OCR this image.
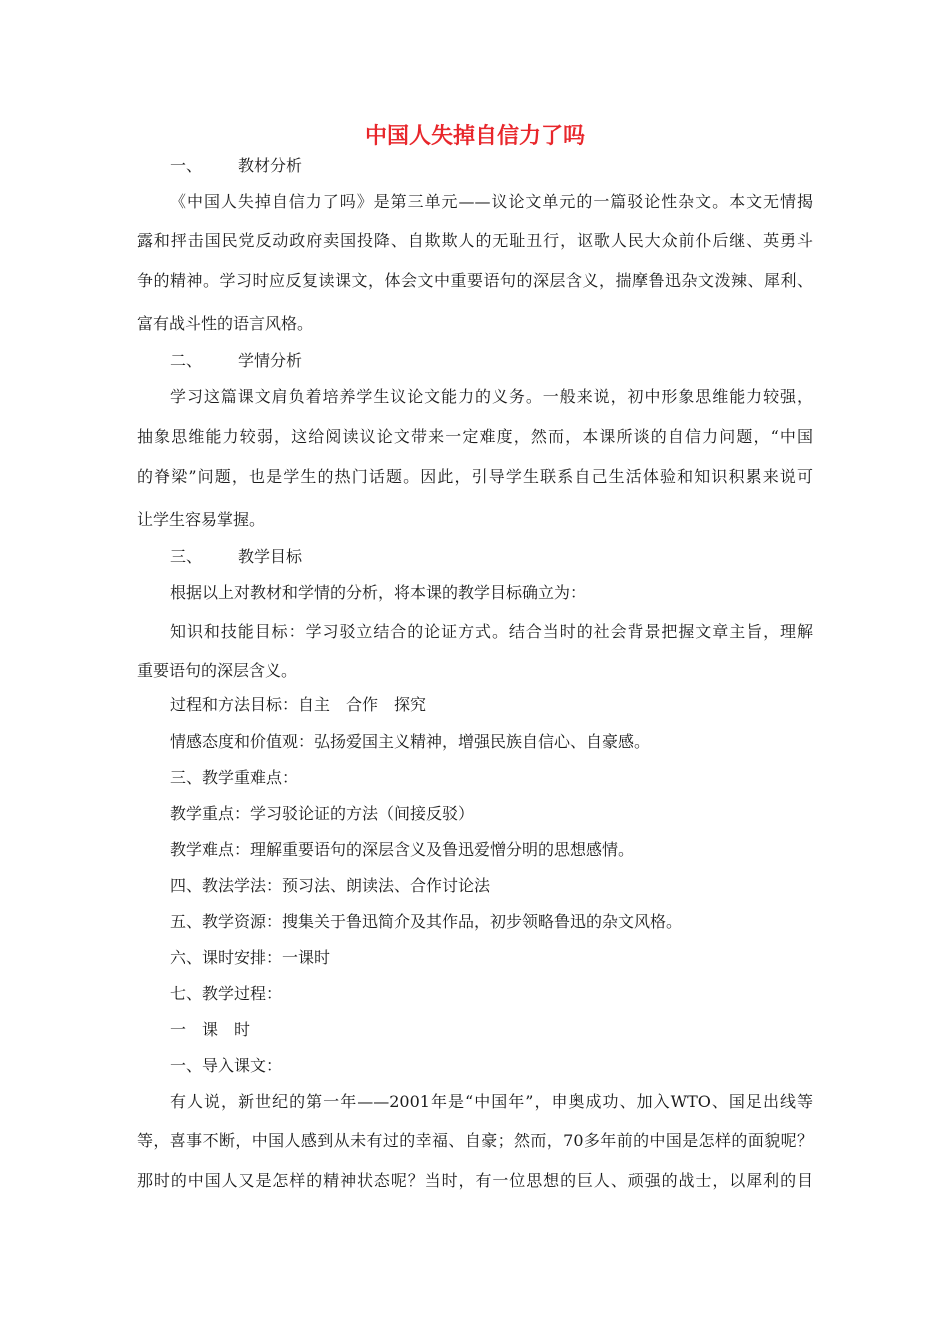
中国人失掉自信力了吗
一、 教材分析
《中国人失掉自信力了吗》是第三单元——议论文单元的一篇驳论性杂文。本文无情揭
露和抨击国民党反动政府卖国投降、自欺欺人的无耻丑行，讴歌人民大众前仆后继、英勇斗
争的精神。学习时应反复读课文，体会文中重要语句的深层含义，揣摩鲁迅杂文泼辣、犀利、
富有战斗性的语言风格。
二、 学情分析
学习这篇课文肩负着培养学生议论文能力的义务。一般来说，初中形象思维能力较强，
抽象思维能力较弱，这给阅读议论文带来一定难度，然而，本课所谈的自信力问题，“中国
的脊梁”问题，也是学生的热门话题。因此，引导学生联系自己生活体验和知识积累来说可
让学生容易掌握。
三、 教学目标
根据以上对教材和学情的分析，将本课的教学目标确立为：
知识和技能目标：学习驳立结合的论证方式。结合当时的社会背景把握文章主旨，理解
重要语句的深层含义。
过程和方法目标：自主　合作　探究
情感态度和价值观：弘扬爱国主义精神，增强民族自信心、自豪感。
三、教学重难点：
教学重点：学习驳论证的方法（间接反驳）
教学难点：理解重要语句的深层含义及鲁迅爱憎分明的思想感情。
四、教法学法：预习法、朗读法、合作讨论法
五、教学资源：搜集关于鲁迅简介及其作品，初步领略鲁迅的杂文风格。
六、课时安排：一课时
七、教学过程：
一　课　时
一、导入课文：
有人说，新世纪的第一年——2001年是“中国年”，申奥成功、加入WTO、国足出线等
等，喜事不断，中国人感到从未有过的幸福、自豪；然而，70多年前的中国是怎样的面貌呢？
那时的中国人又是怎样的精神状态呢？当时，有一位思想的巨人、顽强的战士，以犀利的目
